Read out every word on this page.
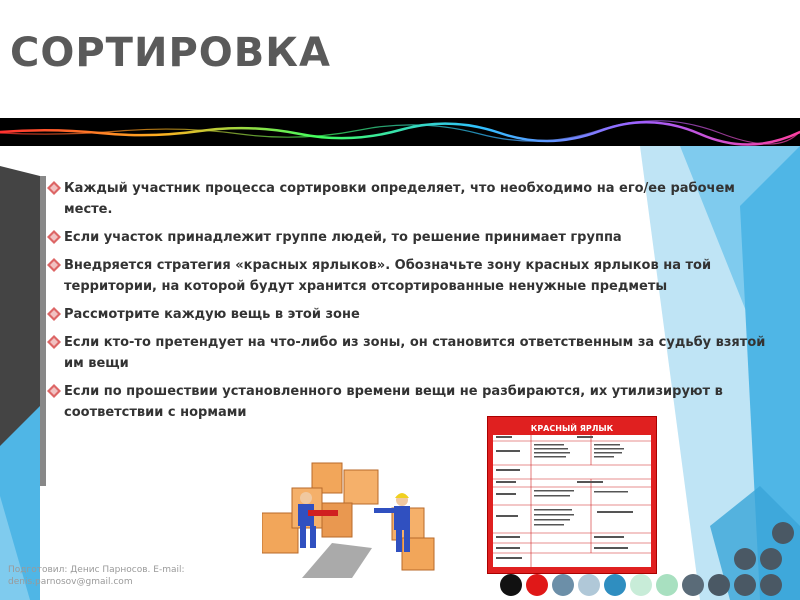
СОРТИРОВКА
Каждый участник процесса сортировки определяет, что необходимо на его/ее рабочем месте.
Если участок принадлежит группе людей, то решение принимает группа
Внедряется стратегия «красных ярлыков». Обозначьте зону красных ярлыков на той территории, на которой будут хранится отсортированные ненужные предметы
Рассмотрите каждую вещь в этой зоне
Если кто-то претендует на что-либо из зоны, он становится ответственным за судьбу взятой им вещи
Если по прошествии установленного времени вещи не разбираются, их утилизируют в соответствии с нормами
КРАСНЫЙ ЯРЛЫК
Подготовил: Денис Парносов. E-mail:
denis.parnosov@gmail.com
